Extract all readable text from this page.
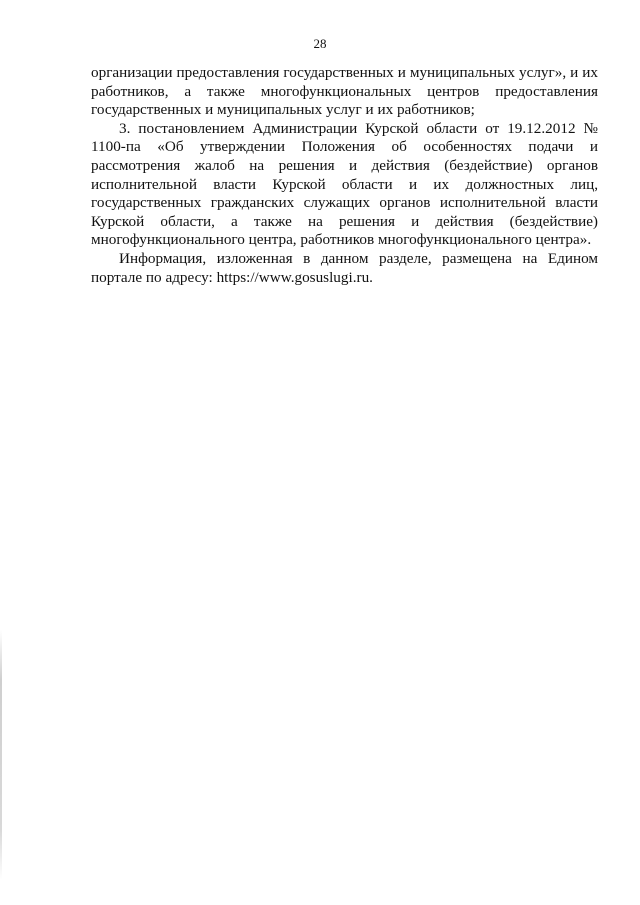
28

организации предоставления государственных и муниципальных услуг», и их работников, а также многофункциональных центров предоставления государственных и муниципальных услуг и их работников;

3. постановлением Администрации Курской области от 19.12.2012 № 1100-па «Об утверждении Положения об особенностях подачи и рассмотрения жалоб на решения и действия (бездействие) органов исполнительной власти Курской области и их должностных лиц, государственных гражданских служащих органов исполнительной власти Курской области, а также на решения и действия (бездействие) многофункционального центра, работников многофункционального центра».

Информация, изложенная в данном разделе, размещена на Едином портале по адресу: https://www.gosuslugi.ru.
